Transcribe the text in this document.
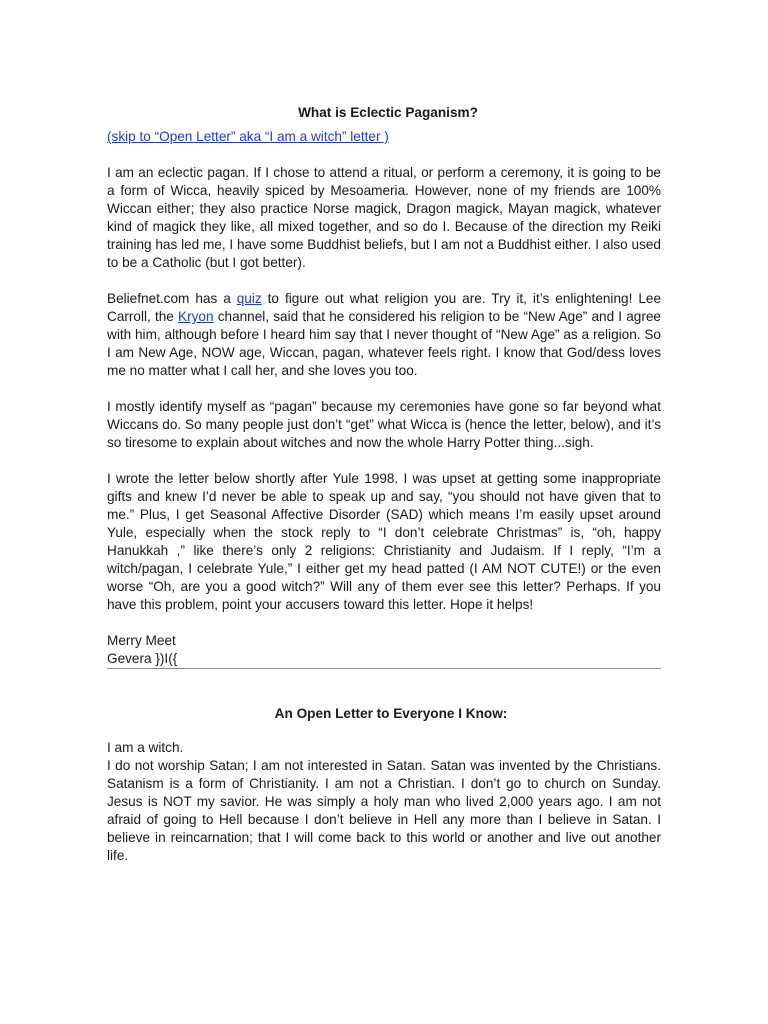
What is Eclectic Paganism?
(skip to “Open Letter” aka “I am a witch” letter )

I am an eclectic pagan. If I chose to attend a ritual, or perform a ceremony, it is going to be a form of Wicca, heavily spiced by Mesoameria. However, none of my friends are 100% Wiccan either; they also practice Norse magick, Dragon magick, Mayan magick, whatever kind of magick they like, all mixed together, and so do I. Because of the direction my Reiki training has led me, I have some Buddhist beliefs, but I am not a Buddhist either. I also used to be a Catholic (but I got better).

Beliefnet.com has a quiz to figure out what religion you are. Try it, it’s enlightening! Lee Carroll, the Kryon channel, said that he considered his religion to be “New Age” and I agree with him, although before I heard him say that I never thought of “New Age” as a religion. So I am New Age, NOW age, Wiccan, pagan, whatever feels right. I know that God/dess loves me no matter what I call her, and she loves you too.

I mostly identify myself as “pagan” because my ceremonies have gone so far beyond what Wiccans do. So many people just don’t “get” what Wicca is (hence the letter, below), and it’s so tiresome to explain about witches and now the whole Harry Potter thing...sigh.

I wrote the letter below shortly after Yule 1998. I was upset at getting some inappropriate gifts and knew I’d never be able to speak up and say, “you should not have given that to me.” Plus, I get Seasonal Affective Disorder (SAD) which means I’m easily upset around Yule, especially when the stock reply to “I don’t celebrate Christmas” is, “oh, happy Hanukkah ,” like there’s only 2 religions: Christianity and Judaism. If I reply, “I’m a witch/pagan, I celebrate Yule,” I either get my head patted (I AM NOT CUTE!) or the even worse “Oh, are you a good witch?” Will any of them ever see this letter? Perhaps. If you have this problem, point your accusers toward this letter. Hope it helps!

Merry Meet
Gevera })I({
An Open Letter to Everyone I Know:
I am a witch.

I do not worship Satan; I am not interested in Satan. Satan was invented by the Christians. Satanism is a form of Christianity. I am not a Christian. I don’t go to church on Sunday. Jesus is NOT my savior. He was simply a holy man who lived 2,000 years ago. I am not afraid of going to Hell because I don’t believe in Hell any more than I believe in Satan. I believe in reincarnation; that I will come back to this world or another and live out another life.
